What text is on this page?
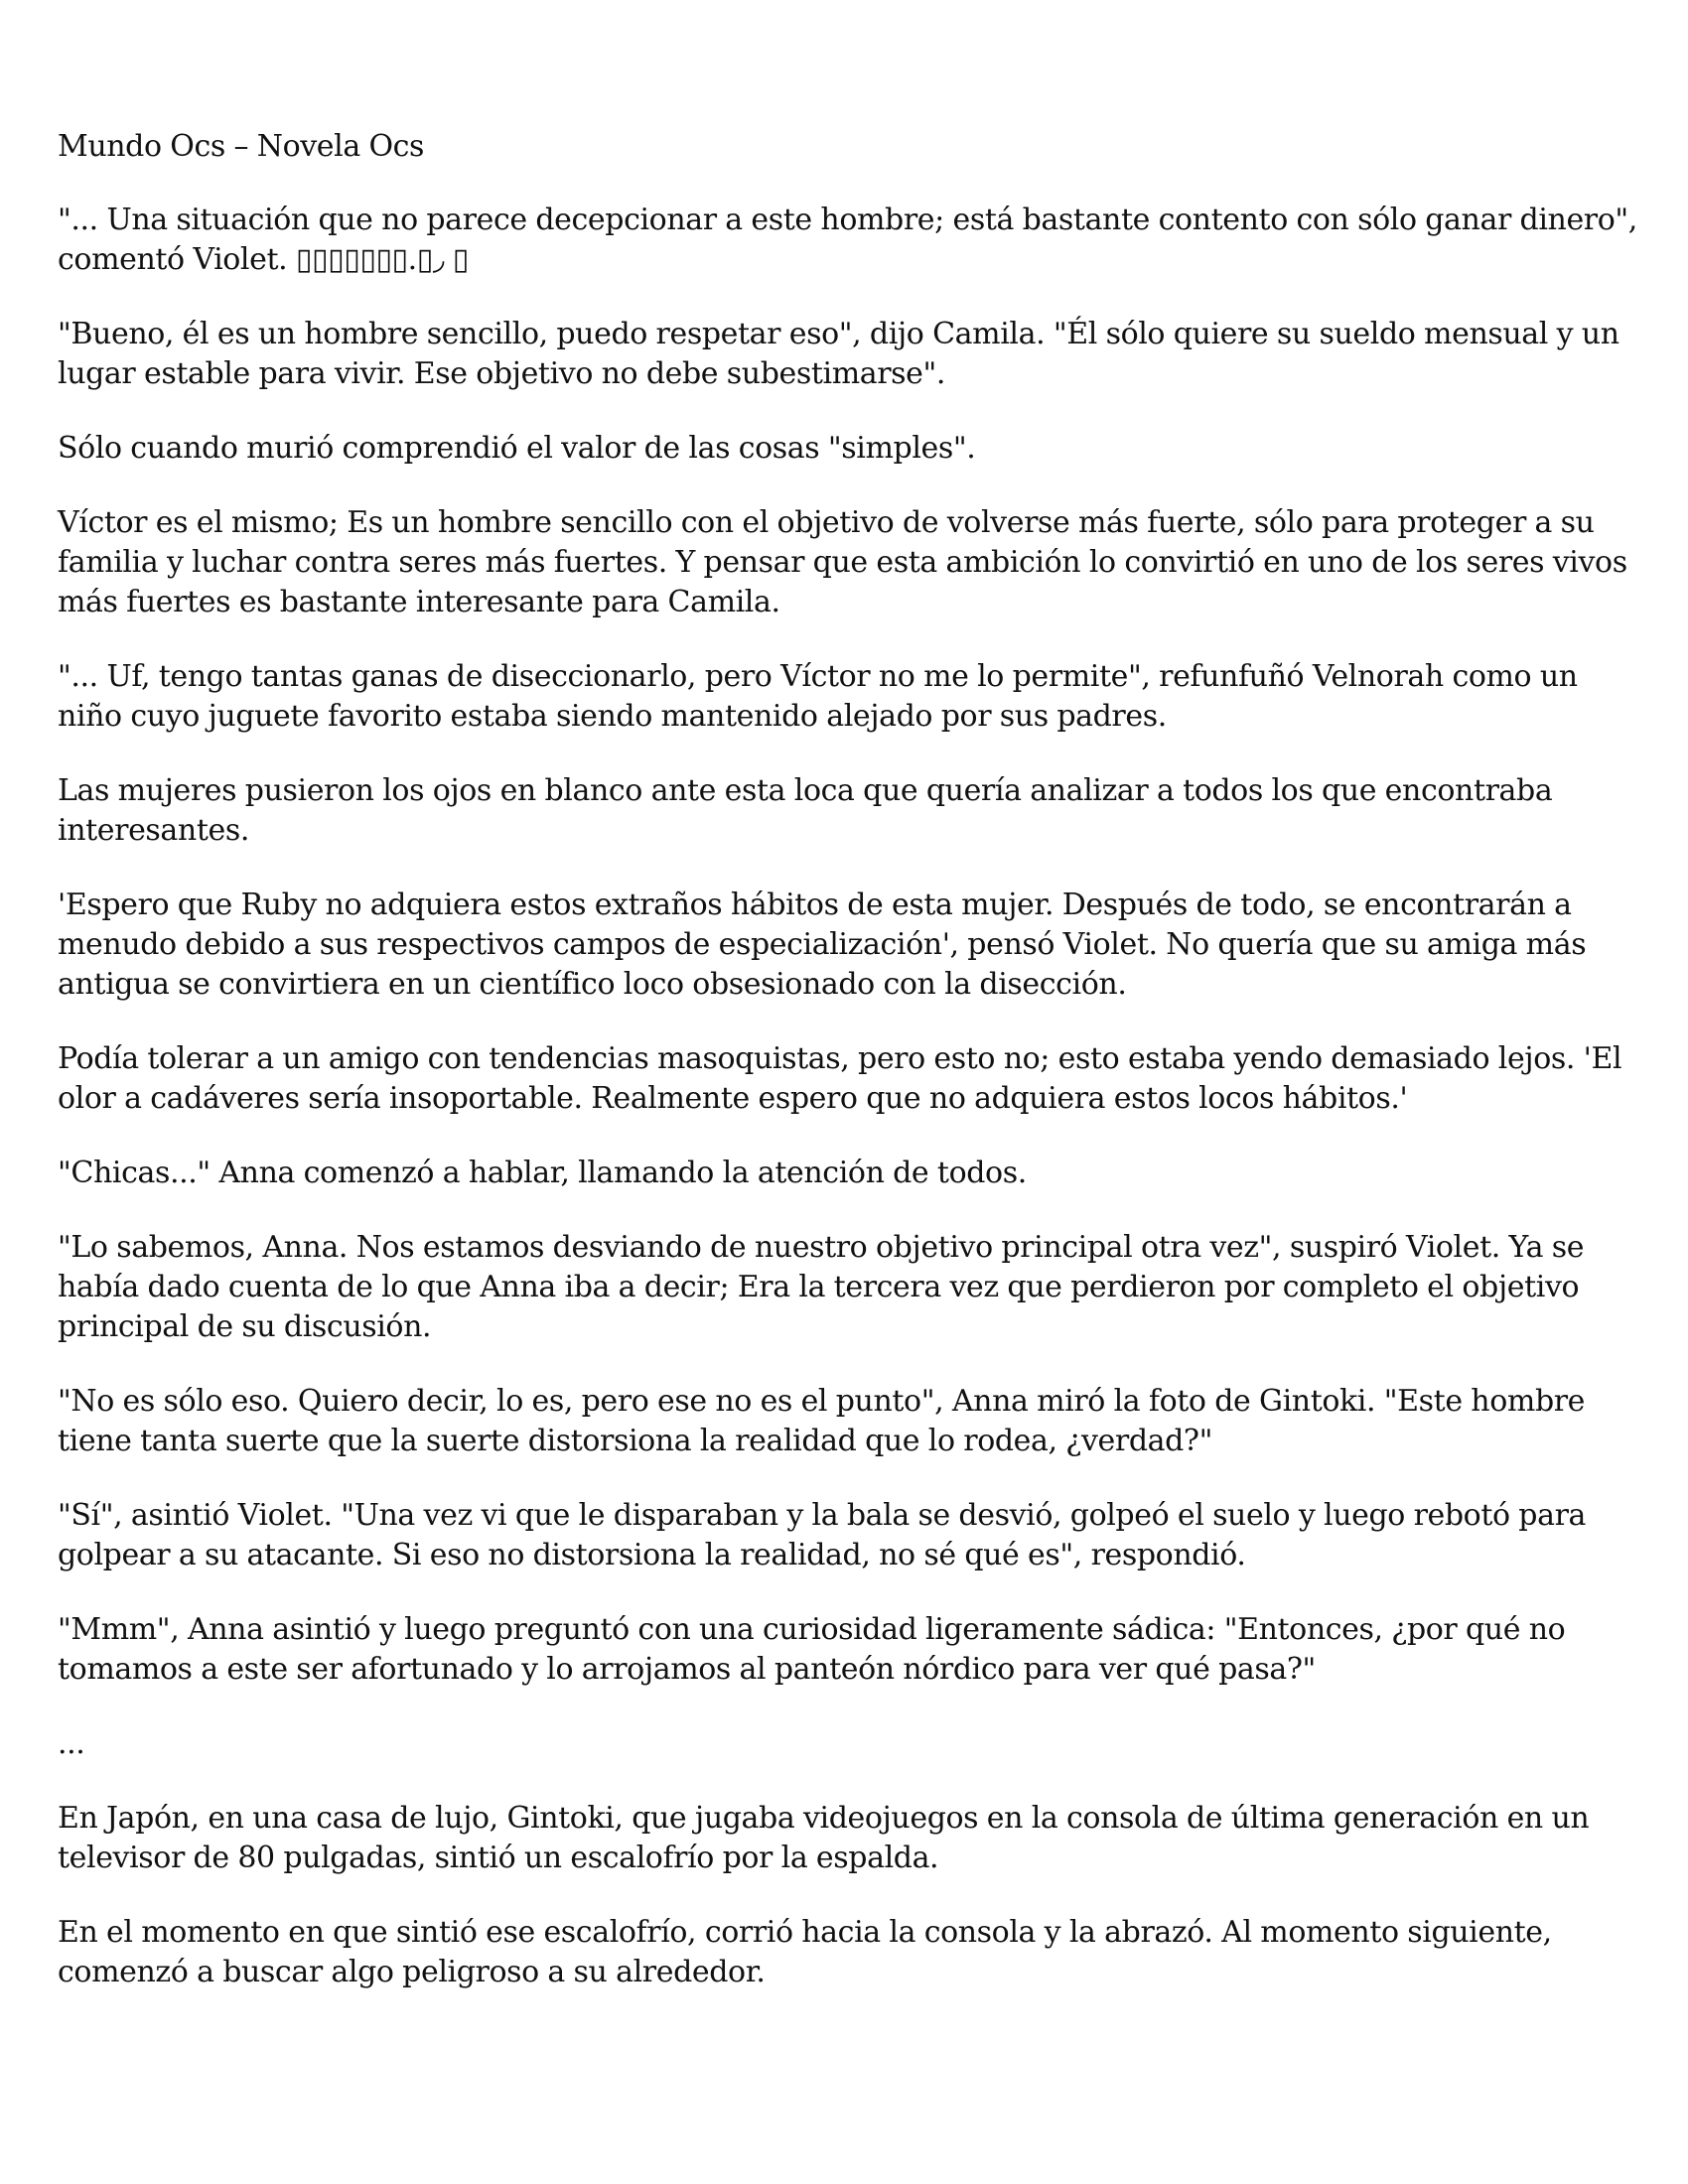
Mundo Ocs – Novela Ocs

"... Una situación que no parece decepcionar a este hombre; está bastante contento con sólo ganar dinero", comentó Violet. ▯▯▯▯▯▯▯.▯◞ ▯

"Bueno, él es un hombre sencillo, puedo respetar eso", dijo Camila. "Él sólo quiere su sueldo mensual y un lugar estable para vivir. Ese objetivo no debe subestimarse".

Sólo cuando murió comprendió el valor de las cosas "simples".

Víctor es el mismo; Es un hombre sencillo con el objetivo de volverse más fuerte, sólo para proteger a su familia y luchar contra seres más fuertes. Y pensar que esta ambición lo convirtió en uno de los seres vivos más fuertes es bastante interesante para Camila.

"... Uf, tengo tantas ganas de diseccionarlo, pero Víctor no me lo permite", refunfuñó Velnorah como un niño cuyo juguete favorito estaba siendo mantenido alejado por sus padres.

Las mujeres pusieron los ojos en blanco ante esta loca que quería analizar a todos los que encontraba interesantes.

'Espero que Ruby no adquiera estos extraños hábitos de esta mujer. Después de todo, se encontrarán a menudo debido a sus respectivos campos de especialización', pensó Violet. No quería que su amiga más antigua se convirtiera en un científico loco obsesionado con la disección.

Podía tolerar a un amigo con tendencias masoquistas, pero esto no; esto estaba yendo demasiado lejos. 'El olor a cadáveres sería insoportable. Realmente espero que no adquiera estos locos hábitos.'

"Chicas..." Anna comenzó a hablar, llamando la atención de todos.

"Lo sabemos, Anna. Nos estamos desviando de nuestro objetivo principal otra vez", suspiró Violet. Ya se había dado cuenta de lo que Anna iba a decir; Era la tercera vez que perdieron por completo el objetivo principal de su discusión.

"No es sólo eso. Quiero decir, lo es, pero ese no es el punto", Anna miró la foto de Gintoki. "Este hombre tiene tanta suerte que la suerte distorsiona la realidad que lo rodea, ¿verdad?"

"Sí", asintió Violet. "Una vez vi que le disparaban y la bala se desvió, golpeó el suelo y luego rebotó para golpear a su atacante. Si eso no distorsiona la realidad, no sé qué es", respondió.

"Mmm", Anna asintió y luego preguntó con una curiosidad ligeramente sádica: "Entonces, ¿por qué no tomamos a este ser afortunado y lo arrojamos al panteón nórdico para ver qué pasa?"

...

En Japón, en una casa de lujo, Gintoki, que jugaba videojuegos en la consola de última generación en un televisor de 80 pulgadas, sintió un escalofrío por la espalda.

En el momento en que sintió ese escalofrío, corrió hacia la consola y la abrazó. Al momento siguiente, comenzó a buscar algo peligroso a su alrededor.
